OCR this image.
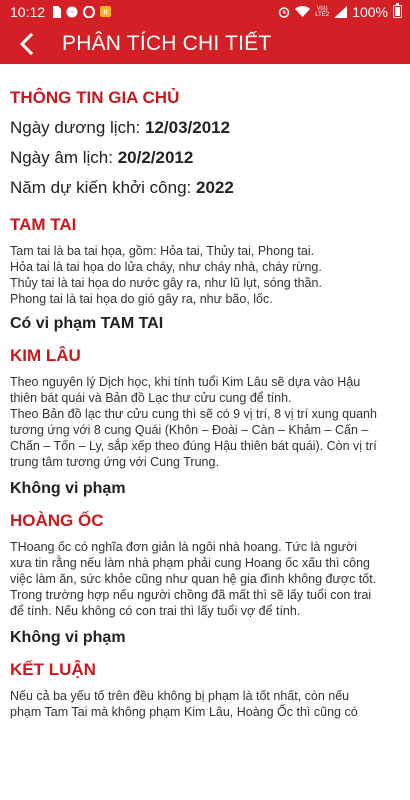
10:12	e	Vo)) LTE2 100%
PHÂN TÍCH CHI TIẾT
THÔNG TIN GIA CHỦ
Ngày dương lịch: 12/03/2012
Ngày âm lịch: 20/2/2012
Năm dự kiến khởi công: 2022
TAM TAI
Tam tai là ba tai họa, gồm: Hỏa tai, Thủy tai, Phong tai.
Hỏa tai là tai họa do lửa cháy, như cháy nhà, cháy rừng.
Thủy tai là tai họa do nước gây ra, như lũ lụt, sóng thần.
Phong tai là tai họa do gió gây ra, như bão, lốc.
Có vi phạm TAM TAI
KIM LÂU
Theo nguyên lý Dịch học, khi tính tuổi Kim Lâu sẽ dựa vào Hậu
thiên bát quái và Bản đồ Lạc thư cửu cung để tính.
Theo Bản đồ lạc thư cửu cung thì sẽ có 9 vị trí, 8 vị trí xung quanh
tương ứng với 8 cung Quái (Khôn – Đoài – Càn – Khảm – Cấn –
Chấn – Tốn – Ly, sắp xếp theo đúng Hậu thiên bát quái). Còn vị trí
trung tâm tương ứng với Cung Trung.
Không vi phạm
HOÀNG ỐC
THoang ốc có nghĩa đơn giản là ngôi nhà hoang. Tức là người
xưa tin rằng nếu làm nhà phạm phải cung Hoang ốc xấu thì công
việc làm ăn, sức khỏe cũng như quan hệ gia đình không được tốt.
Trong trường hợp nếu người chồng đã mất thì sẽ lấy tuổi con trai
để tính. Nếu không có con trai thì lấy tuổi vợ để tính.
Không vi phạm
KẾT LUẬN
Nếu cả ba yếu tố trên đều không bị phạm là tốt nhất, còn nếu
phạm Tam Tai mà không phạm Kim Lâu, Hoàng Ốc thì cũng có
